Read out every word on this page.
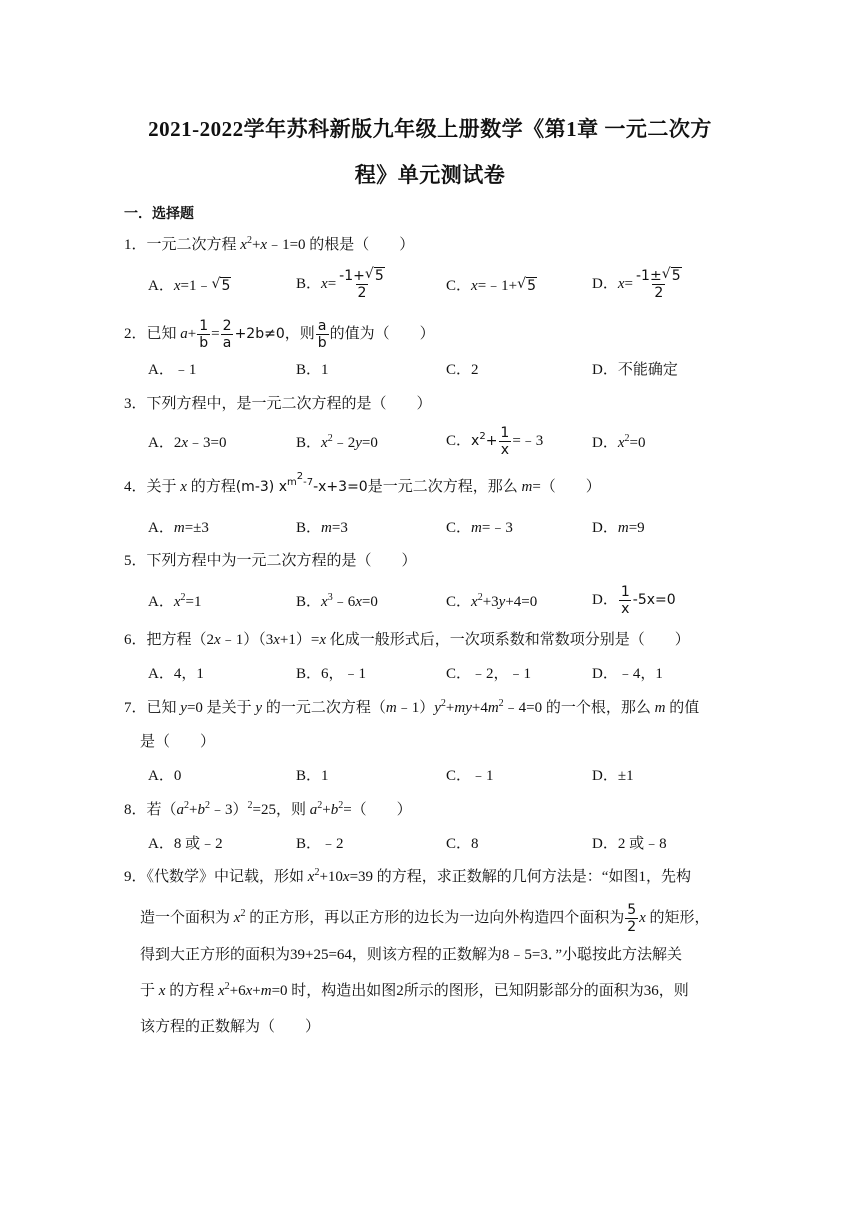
2021-2022学年苏科新版九年级上册数学《第1章 一元二次方
程》单元测试卷
一．选择题
1．一元二次方程 $x^2+x﹣1=0$ 的根是（　　）
A．x=1﹣ √ 5	B．$x= \frac{-1+ √ 5}{2}$	C．x=﹣1+ √ 5	D．$x= \frac{-1\pm √ 5}{2}$
2．已知 $a+ \frac{1}{b} = \frac{2}{a} +2b\ne 0$，则 $\frac{a}{b}$ 的值为（　　）
A．﹣1	B．1	C．2	D．不能确定
3．下列方程中，是一元二次方程的是（　　）
A．2x﹣3=0	B．$x^2﹣2y=0$	C．$x^2+ \frac{1}{x}$ =﹣3	D．$x^2=0$
4．关于 x 的方程(m-3) $x^{m^2-7}-x+3=0$是一元二次方程，那么 m=（　　）
A．m=±3	B．m=3	C．m=﹣3	D．m=9
5．下列方程中为一元二次方程的是（　　）
A．$x^2=1$	B．$x^3﹣6x=0$	C．$x^2+3y+4=0$	D． $\frac{1}{x} -5x=0$
6．把方程（2x﹣1）（3x+1）=x 化成一般形式后，一次项系数和常数项分别是（　　）
A．4，1	B．6，﹣1	C．﹣2，﹣1	D．﹣4，1
7．已知 y=0 是关于 y 的一元二次方程$(m﹣1)y^2+my+4m^2﹣4=0$ 的一个根，那么 m 的值
是（　　）
A．0	B．1	C．﹣1	D．±1
8．若$(a^2+b^2﹣3)^2=25$，则 $a^2+b^2=$（　　）
A．8 或﹣2	B．﹣2	C．8	D．2 或﹣8
9．《代数学》中记载，形如 $x^2+10x=39$ 的方程，求正数解的几何方法是：“如图1，先构
造一个面积为 $x^2$ 的正方形，再以正方形的边长为一边向外构造四个面积为 $\frac{5}{2}$ x 的矩形，
得到大正方形的面积为39+25=64，则该方程的正数解为8﹣5=3．”小聪按此方法解关
于 x 的方程 $x^2+6x+m=0$ 时，构造出如图2所示的图形，已知阴影部分的面积为36，则
该方程的正数解为（　　）
